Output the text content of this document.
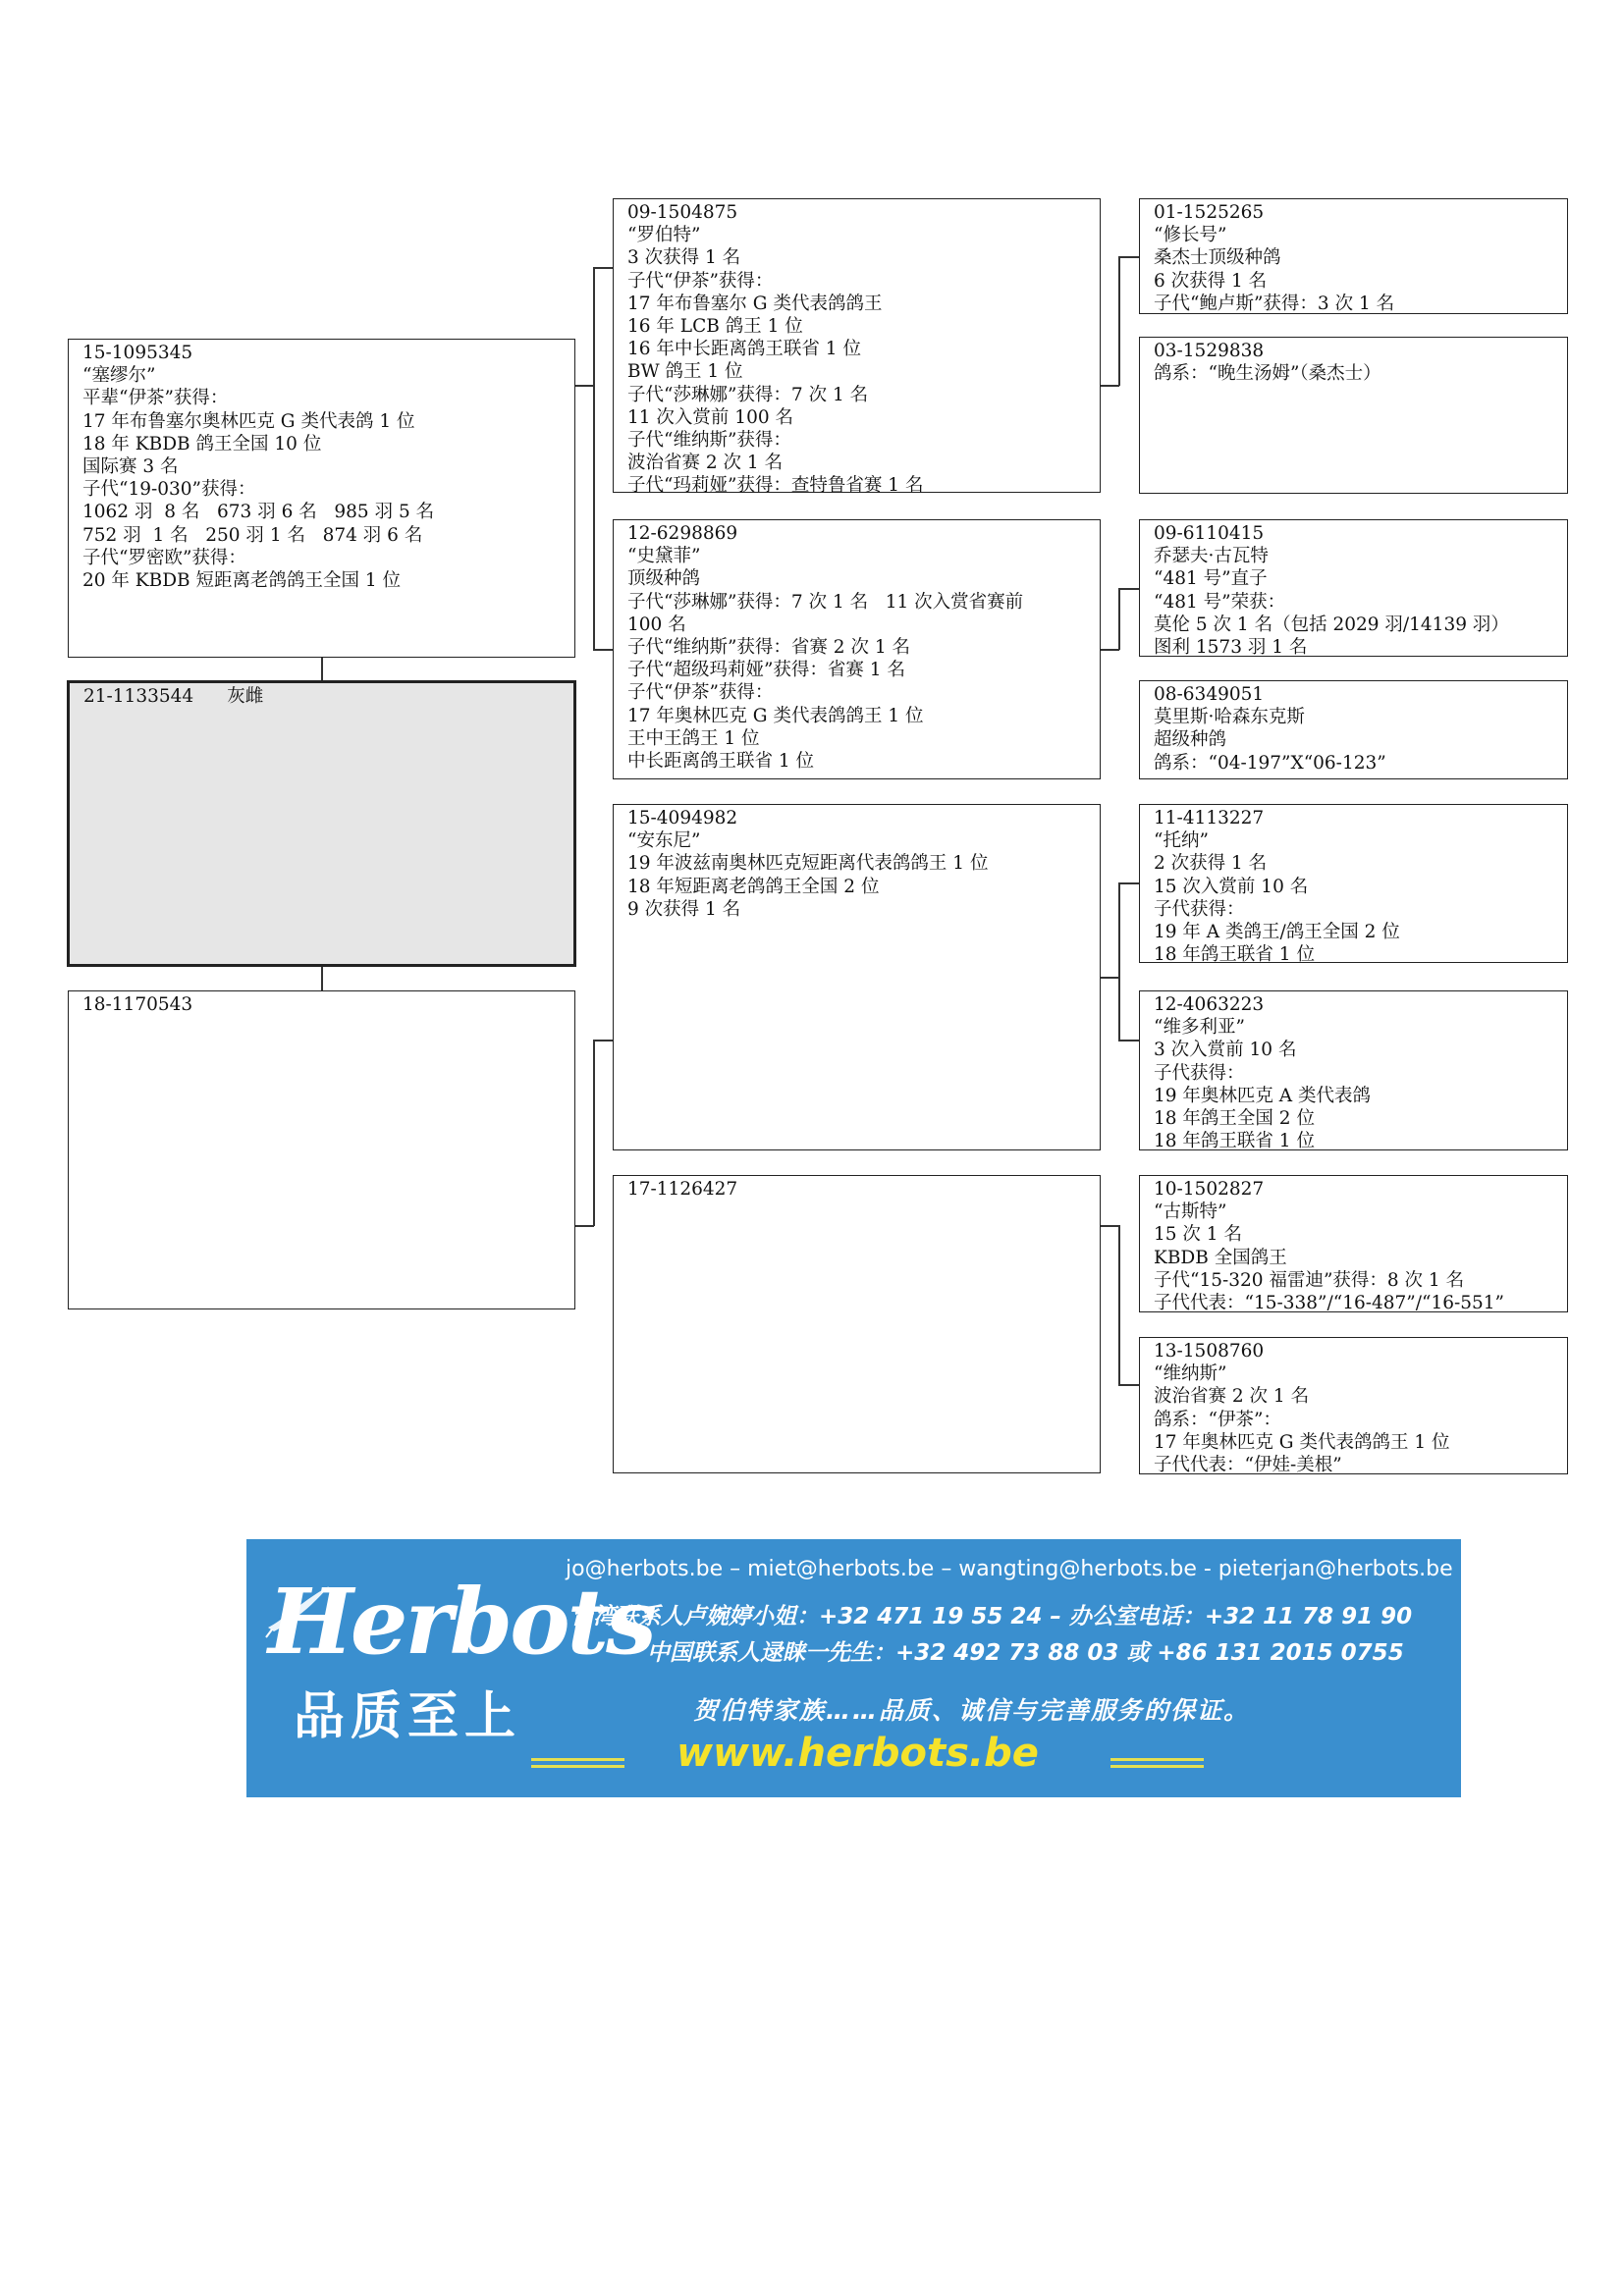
15-1095345
“塞缪尔”
平辈“伊茶”获得：
17 年布鲁塞尔奥林匹克 G 类代表鸽 1 位
18 年 KBDB 鸽王全国 10 位
国际赛 3 名
子代“19-030”获得：
1062 羽  8 名   673 羽 6 名   985 羽 5 名
752 羽  1 名   250 羽 1 名   874 羽 6 名
子代“罗密欧”获得：
20 年 KBDB 短距离老鸽鸽王全国 1 位
21-1133544 灰雌
18-1170543
09-1504875
“罗伯特”
3 次获得 1 名
子代“伊茶”获得：
17 年布鲁塞尔 G 类代表鸽鸽王
16 年 LCB 鸽王 1 位
16 年中长距离鸽王联省 1 位
BW 鸽王 1 位
子代“莎琳娜”获得：7 次 1 名
11 次入赏前 100 名
子代“维纳斯”获得：
波治省赛 2 次 1 名
子代“玛莉娅”获得：查特鲁省赛 1 名
12-6298869
“史黛菲”
顶级种鸽
子代“莎琳娜”获得：7 次 1 名   11 次入赏省赛前
100 名
子代“维纳斯”获得：省赛 2 次 1 名
子代“超级玛莉娅”获得：省赛 1 名
子代“伊茶”获得：
17 年奥林匹克 G 类代表鸽鸽王 1 位
王中王鸽王 1 位
中长距离鸽王联省 1 位
15-4094982
“安东尼”
19 年波兹南奥林匹克短距离代表鸽鸽王 1 位
18 年短距离老鸽鸽王全国 2 位
9 次获得 1 名
17-1126427
01-1525265
“修长号”
桑杰士顶级种鸽
6 次获得 1 名
子代“鲍卢斯”获得：3 次 1 名
03-1529838
鸽系：“晚生汤姆”（桑杰士）
09-6110415
乔瑟夫·古瓦特
“481 号”直子
“481 号”荣获：
莫伦 5 次 1 名（包括 2029 羽/14139 羽）
图利 1573 羽 1 名
08-6349051
莫里斯·哈森东克斯
超级种鸽
鸽系：“04-197”X“06-123”
11-4113227
“托纳”
2 次获得 1 名
15 次入赏前 10 名
子代获得：
19 年 A 类鸽王/鸽王全国 2 位
18 年鸽王联省 1 位
12-4063223
“维多利亚”
3 次入赏前 10 名
子代获得：
19 年奥林匹克 A 类代表鸽
18 年鸽王全国 2 位
18 年鸽王联省 1 位
10-1502827
“古斯特”
15 次 1 名
KBDB 全国鸽王
子代“15-320 福雷迪”获得：8 次 1 名
子代代表：“15-338”/“16-487”/“16-551”
13-1508760
“维纳斯”
波治省赛 2 次 1 名
鸽系：“伊茶”：
17 年奥林匹克 G 类代表鸽鸽王 1 位
子代代表：“伊娃-美根”
Herbots
品质至上
jo@herbots.be – miet@herbots.be – wangting@herbots.be - pieterjan@herbots.be
台湾联系人卢婉婷小姐：+32 471 19 55 24 – 办公室电话：+32 11 78 91 90
中国联系人逯睐一先生：+32 492 73 88 03 或 +86 131 2015 0755
贺伯特家族……品质、诚信与完善服务的保证。
www.herbots.be
